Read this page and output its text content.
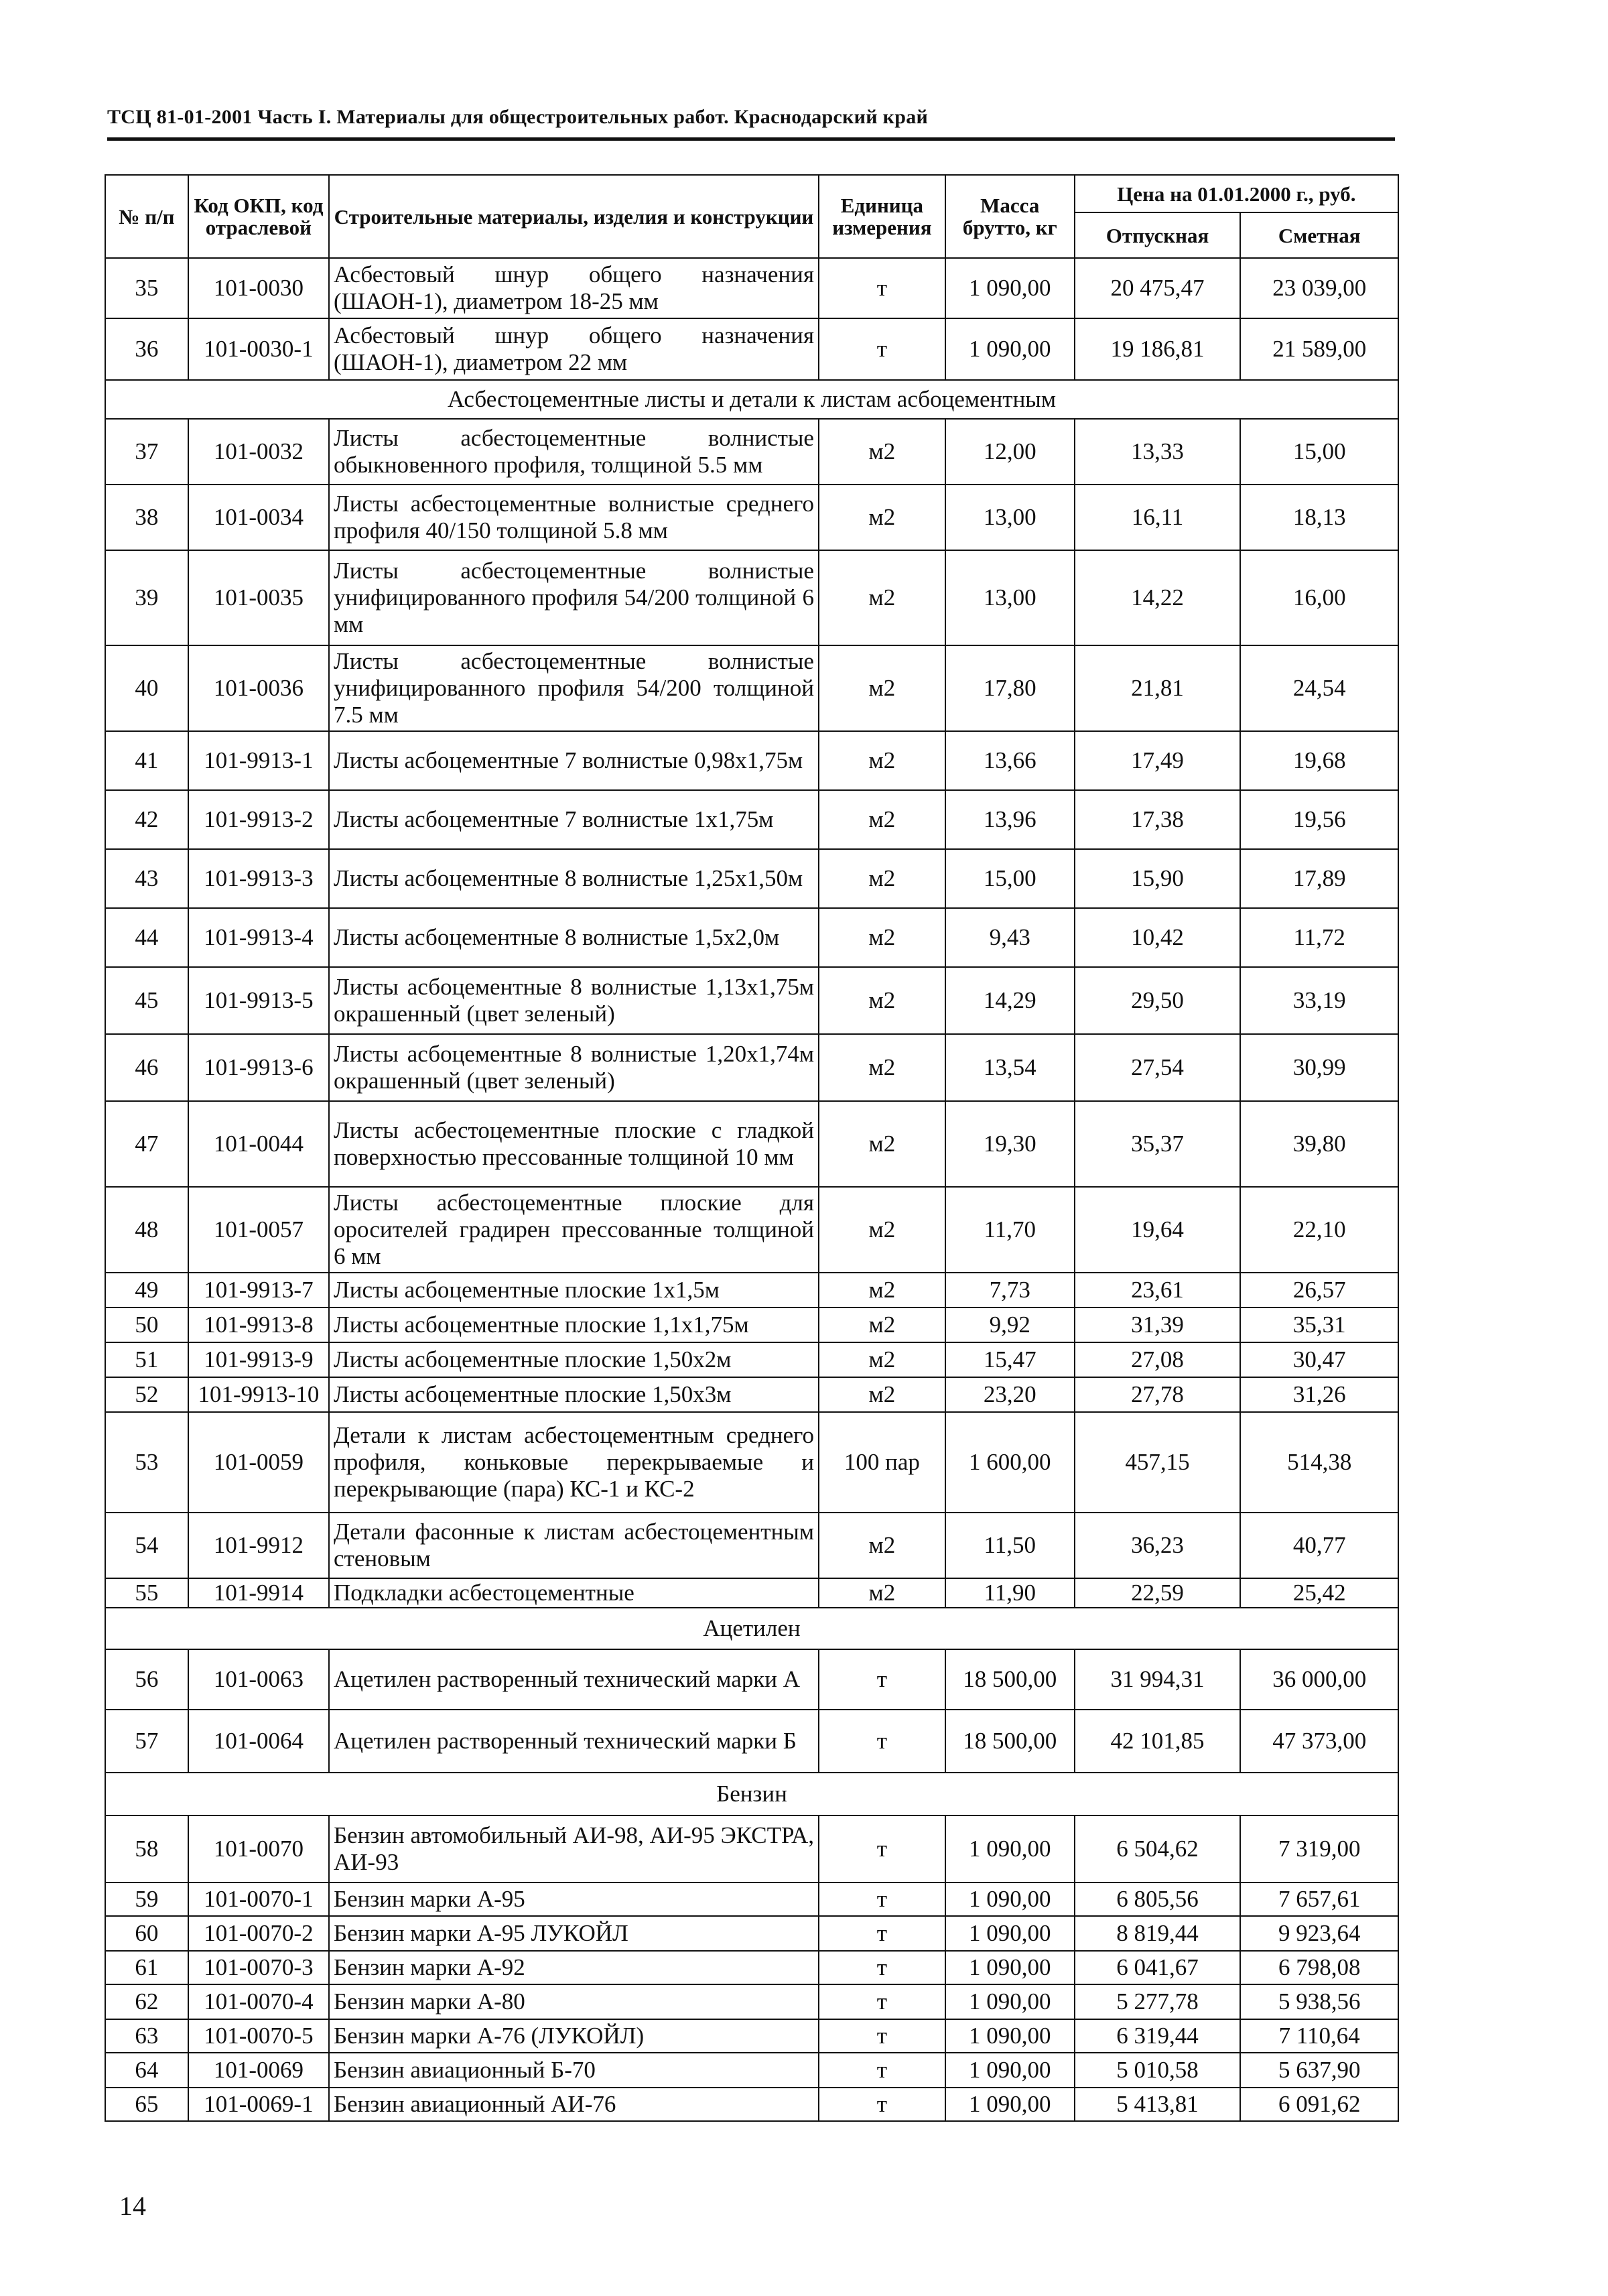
ТСЦ 81-01-2001 Часть I. Материалы для общестроительных работ. Краснодарский край
№ п/п	Код ОКП, код отраслевой	Строительные материалы, изделия и конструкции	Единица измерения	Масса брутто, кг	Цена на 01.01.2000 г., руб.	
					Отпускная	Сметная
35	101-0030	Асбестовый шнур общего назначения (ШАОН-1), диаметром 18-25 мм	т	1 090,00	20 475,47	23 039,00
36	101-0030-1	Асбестовый шнур общего назначения (ШАОН-1), диаметром 22 мм	т	1 090,00	19 186,81	21 589,00
Асбестоцементные листы и детали к листам асбоцементным						
37	101-0032	Листы асбестоцементные волнистые обыкновенного профиля, толщиной 5.5 мм	м2	12,00	13,33	15,00
38	101-0034	Листы асбестоцементные волнистые среднего профиля 40/150 толщиной 5.8 мм	м2	13,00	16,11	18,13
39	101-0035	Листы асбестоцементные волнистые унифицированного профиля 54/200 толщиной 6 мм	м2	13,00	14,22	16,00
40	101-0036	Листы асбестоцементные волнистые унифицированного профиля 54/200 толщиной 7.5 мм	м2	17,80	21,81	24,54
41	101-9913-1	Листы асбоцементные 7 волнистые 0,98х1,75м	м2	13,66	17,49	19,68
42	101-9913-2	Листы асбоцементные 7 волнистые 1х1,75м	м2	13,96	17,38	19,56
43	101-9913-3	Листы асбоцементные 8 волнистые 1,25х1,50м	м2	15,00	15,90	17,89
44	101-9913-4	Листы асбоцементные 8 волнистые 1,5х2,0м	м2	9,43	10,42	11,72
45	101-9913-5	Листы асбоцементные 8 волнистые 1,13х1,75м окрашенный (цвет зеленый)	м2	14,29	29,50	33,19
46	101-9913-6	Листы асбоцементные 8 волнистые 1,20х1,74м окрашенный (цвет зеленый)	м2	13,54	27,54	30,99
47	101-0044	Листы асбестоцементные плоские с гладкой поверхностью прессованные толщиной 10 мм	м2	19,30	35,37	39,80
48	101-0057	Листы асбестоцементные плоские для оросителей градирен прессованные толщиной 6 мм	м2	11,70	19,64	22,10
49	101-9913-7	Листы асбоцементные плоские 1х1,5м	м2	7,73	23,61	26,57
50	101-9913-8	Листы асбоцементные плоские 1,1х1,75м	м2	9,92	31,39	35,31
51	101-9913-9	Листы асбоцементные плоские 1,50х2м	м2	15,47	27,08	30,47
52	101-9913-10	Листы асбоцементные плоские 1,50х3м	м2	23,20	27,78	31,26
53	101-0059	Детали к листам асбестоцементным среднего профиля, коньковые перекрываемые и перекрывающие (пара) КС-1 и КС-2	100 пар	1 600,00	457,15	514,38
54	101-9912	Детали фасонные к листам асбестоцементным стеновым	м2	11,50	36,23	40,77
55	101-9914	Подкладки асбестоцементные	м2	11,90	22,59	25,42
Ацетилен						
56	101-0063	Ацетилен растворенный технический марки А	т	18 500,00	31 994,31	36 000,00
57	101-0064	Ацетилен растворенный технический марки Б	т	18 500,00	42 101,85	47 373,00
Бензин						
58	101-0070	Бензин автомобильный АИ-98, АИ-95 ЭКСТРА, АИ-93	т	1 090,00	6 504,62	7 319,00
59	101-0070-1	Бензин марки А-95	т	1 090,00	6 805,56	7 657,61
60	101-0070-2	Бензин марки А-95 ЛУКОЙЛ	т	1 090,00	8 819,44	9 923,64
61	101-0070-3	Бензин марки А-92	т	1 090,00	6 041,67	6 798,08
62	101-0070-4	Бензин марки А-80	т	1 090,00	5 277,78	5 938,56
63	101-0070-5	Бензин марки А-76 (ЛУКОЙЛ)	т	1 090,00	6 319,44	7 110,64
64	101-0069	Бензин авиационный Б-70	т	1 090,00	5 010,58	5 637,90
65	101-0069-1	Бензин авиационный АИ-76	т	1 090,00	5 413,81	6 091,62
14
